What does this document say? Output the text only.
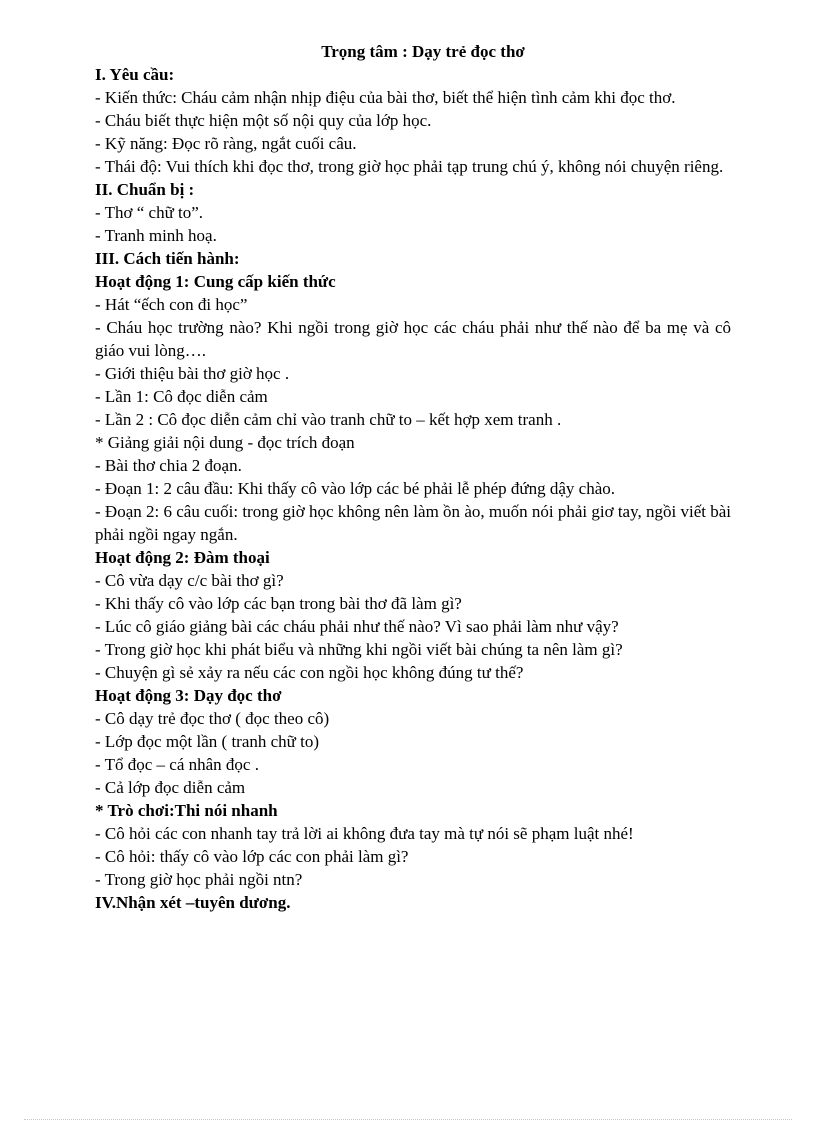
Trọng tâm : Dạy trẻ đọc thơ
I. Yêu cầu:
- Kiến thức: Cháu cảm nhận nhịp điệu của bài thơ, biết thể hiện tình cảm khi đọc thơ.
- Cháu biết thực hiện một số nội quy của lớp học.
- Kỹ năng: Đọc rõ ràng, ngắt cuối câu.
- Thái độ: Vui thích khi đọc thơ, trong giờ học phải tạp trung chú ý, không nói chuyện riêng.
II. Chuẩn bị :
- Thơ “ chữ to”.
- Tranh minh hoạ.
III. Cách tiến hành:
Hoạt động 1: Cung cấp kiến thức
- Hát “ếch con đi học”
- Cháu học trường nào? Khi ngồi trong giờ học các cháu phải như thế nào để ba mẹ và cô giáo vui lòng….
- Giới thiệu bài thơ giờ học .
- Lần 1: Cô đọc diễn cảm
- Lần 2 : Cô đọc diễn cảm chỉ vào tranh chữ to – kết hợp xem tranh .
* Giảng giải nội dung - đọc trích đoạn
- Bài thơ chia 2 đoạn.
- Đoạn 1: 2 câu đầu: Khi thấy cô vào lớp các bé phải lễ phép đứng dậy chào.
- Đoạn 2: 6 câu cuối: trong giờ học không nên làm ồn ào, muốn nói phải giơ tay, ngồi viết bài phải ngồi ngay ngắn.
Hoạt động 2: Đàm thoại
- Cô vừa dạy c/c bài thơ gì?
- Khi thấy cô vào lớp các bạn trong bài thơ đã làm gì?
- Lúc cô giáo giảng bài các cháu phải như thế nào? Vì sao phải làm như vậy?
- Trong giờ học khi phát biểu và những khi ngồi viết bài chúng ta nên làm gì?
- Chuyện gì sẻ xảy ra nếu các con ngồi học không đúng tư thế?
Hoạt động 3: Dạy đọc thơ
- Cô dạy trẻ đọc thơ ( đọc theo cô)
- Lớp đọc một lần ( tranh chữ to)
- Tổ đọc – cá nhân đọc .
- Cả lớp đọc diễn cảm
* Trò chơi:Thi nói nhanh
- Cô hỏi các con nhanh tay trả lời ai không đưa tay mà tự nói sẽ phạm luật nhé!
- Cô hỏi: thấy cô vào lớp các con phải làm gì?
- Trong giờ học phải ngồi ntn?
IV.Nhận xét –tuyên dương.
